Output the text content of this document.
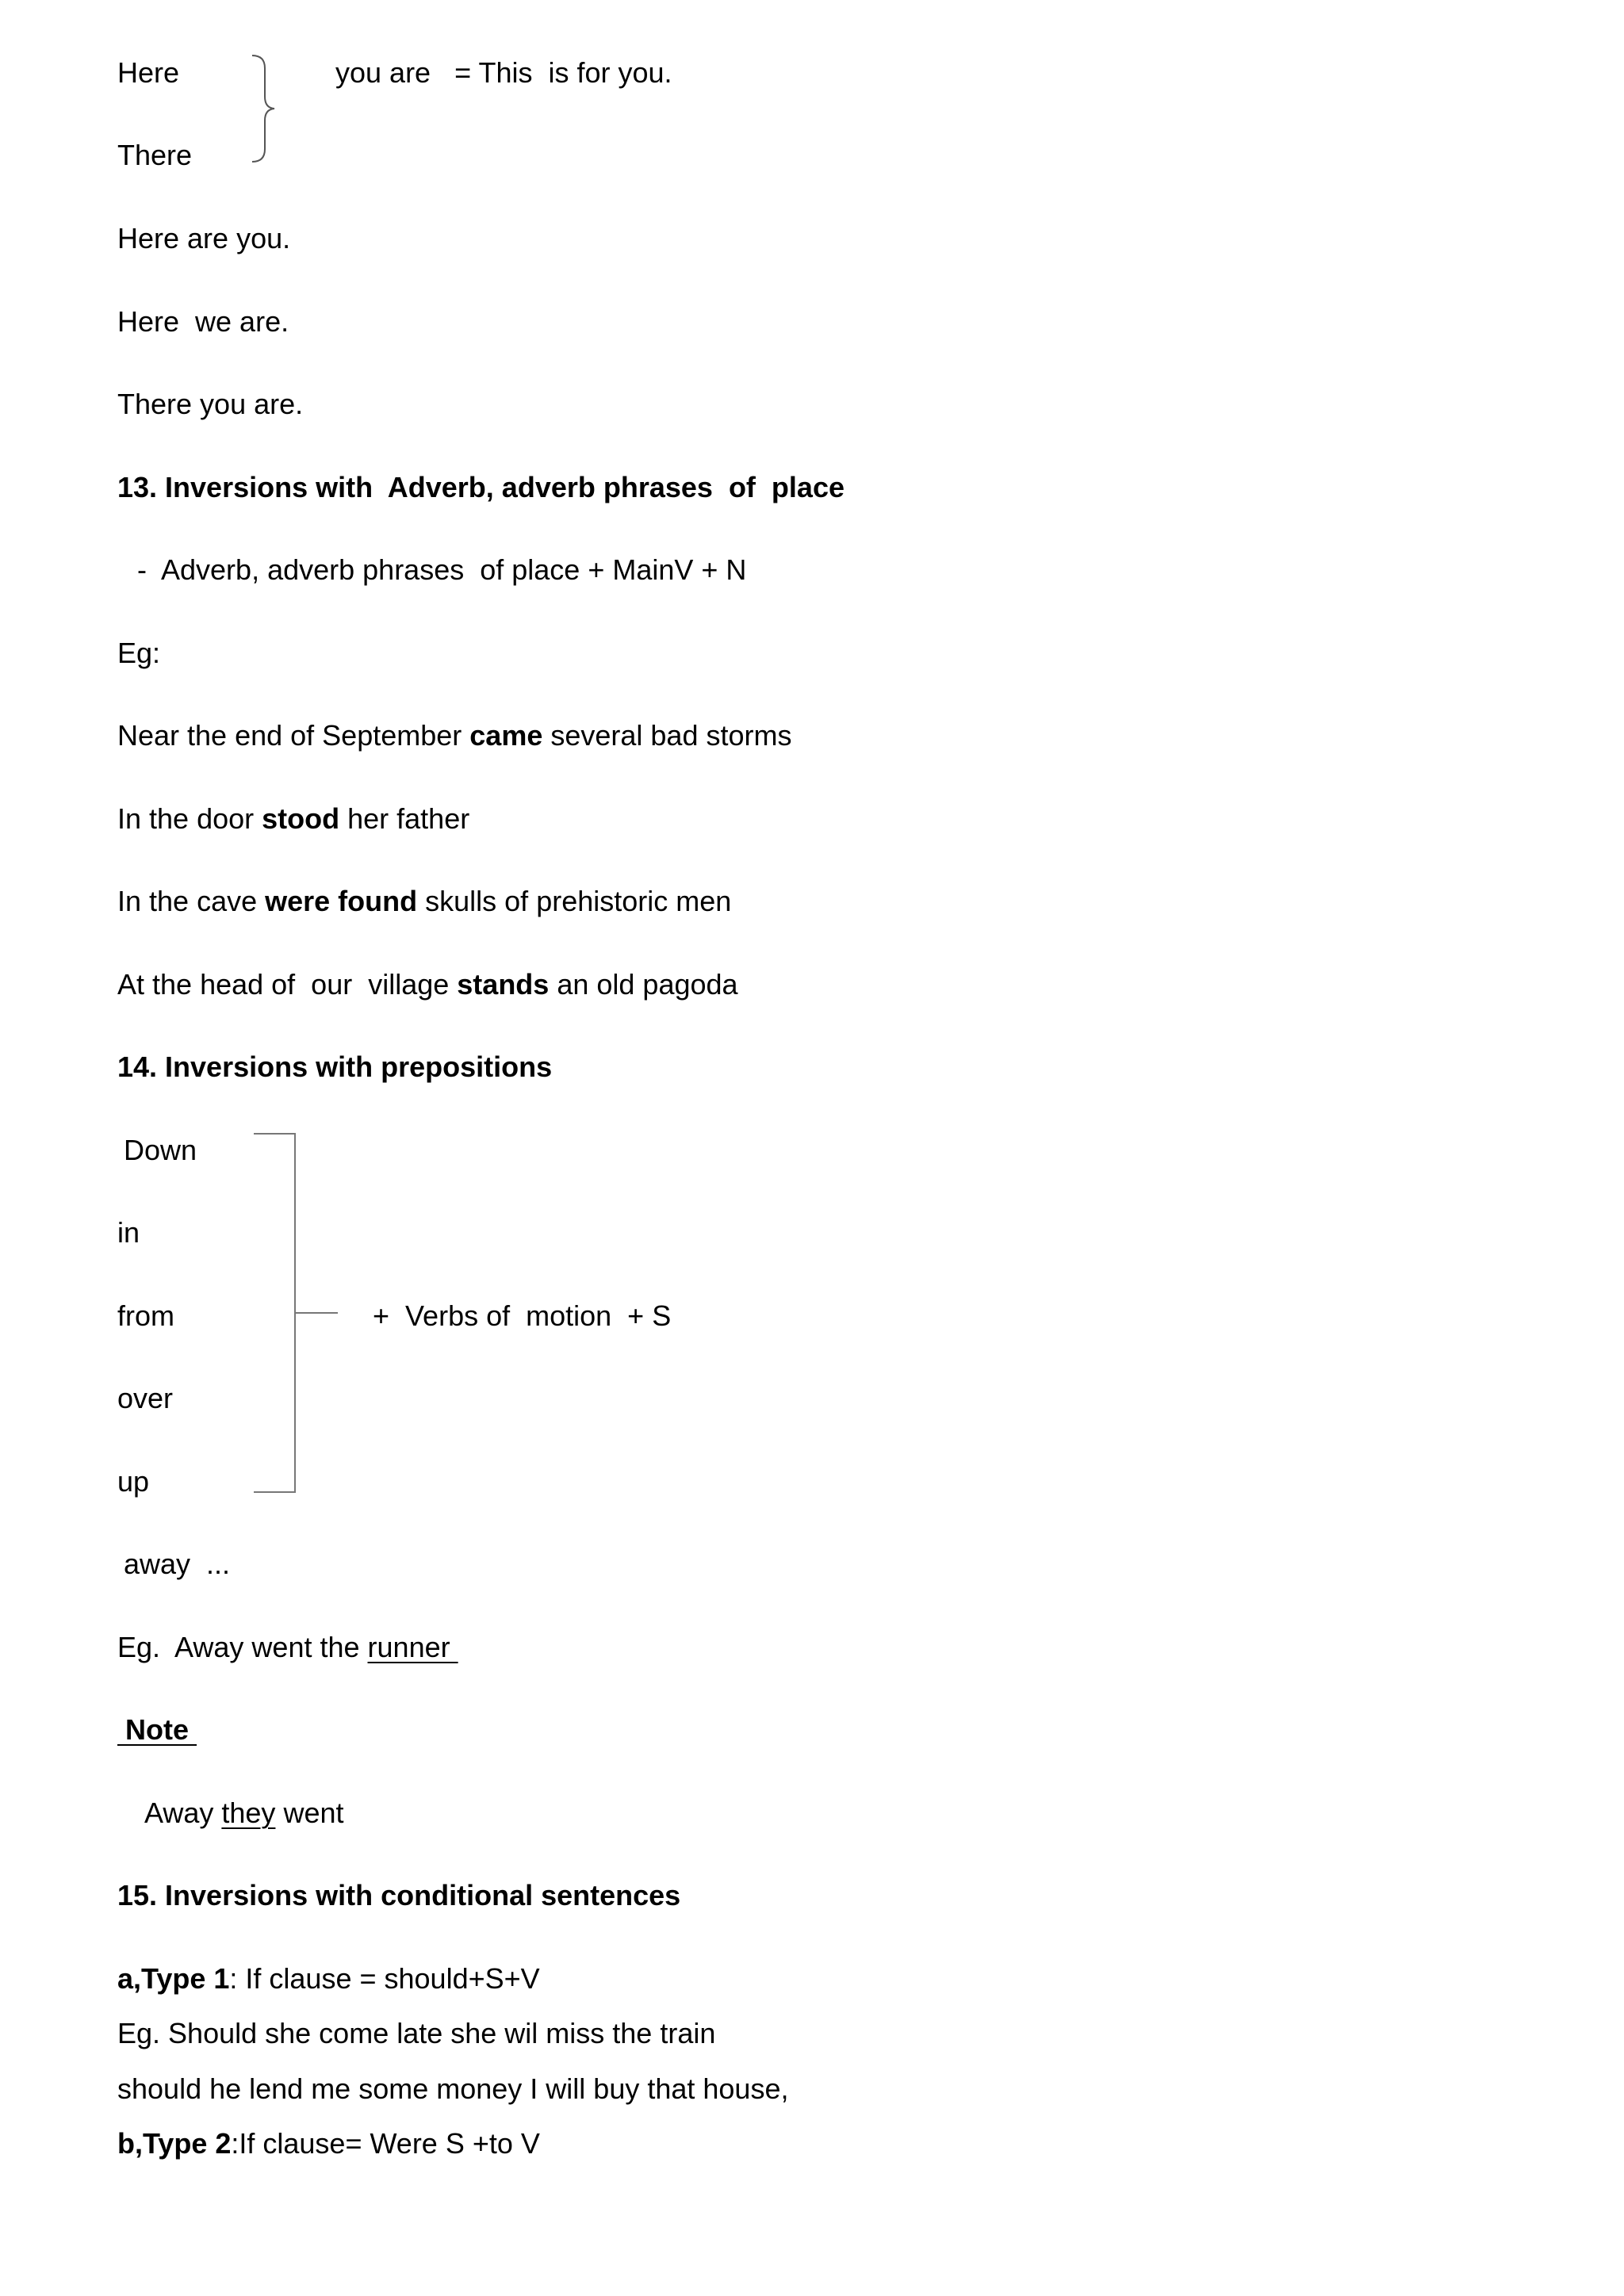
Here
There
you are = This  is for you.
Here are you.
Here  we are.
There you are.
13. Inversions with  Adverb, adverb phrases  of  place
-  Adverb, adverb phrases  of place + MainV + N
Eg:
Near the end of September came several bad storms
In the door stood her father
In the cave were found skulls of prehistoric men
At the head of  our  village stands an old pagoda
14. Inversions with prepositions
Down
in
from
over
up
+  Verbs of  motion  + S
away  ...
Eg.  Away went the runner
Note
Away they went
15. Inversions with conditional sentences
a,Type 1: If clause = should+S+V
Eg. Should she come late she wil miss the train
should he lend me some money I will buy that house,
b,Type 2:If clause= Were S +to V
